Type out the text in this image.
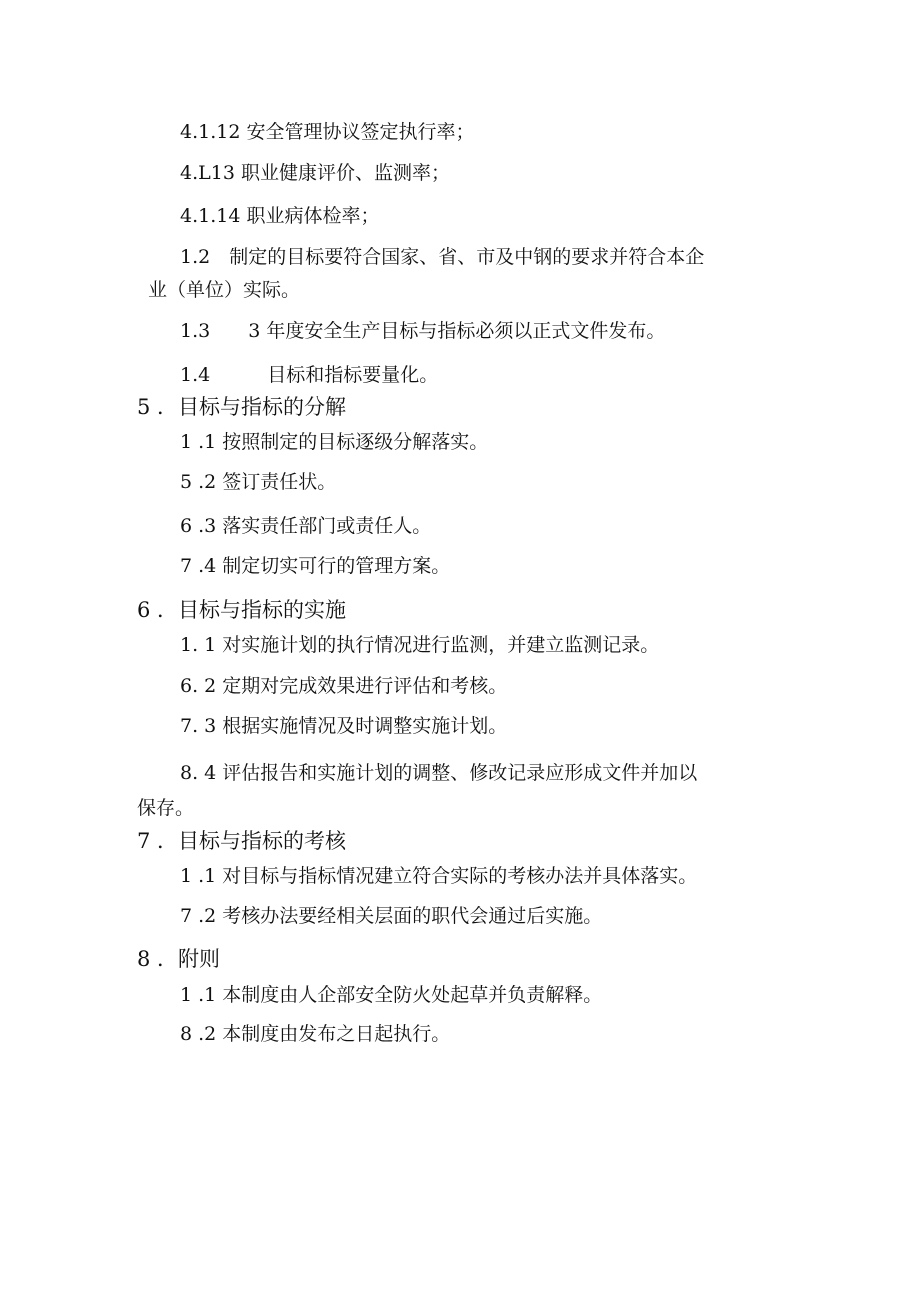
4.1.12 安全管理协议签定执行率；

4.L13 职业健康评价、监测率；

4.1.14 职业病体检率；

1.2　制定的目标要符合国家、省、市及中钢的要求并符合本企

业（单位）实际。

1.3　　3 年度安全生产目标与指标必须以正式文件发布。

1.4　　　目标和指标要量化。

5 ．目标与指标的分解

1 .1 按照制定的目标逐级分解落实。

5 .2 签订责任状。

6 .3 落实责任部门或责任人。

7 .4 制定切实可行的管理方案。

6 ．目标与指标的实施

1. 1 对实施计划的执行情况进行监测，并建立监测记录。

6. 2 定期对完成效果进行评估和考核。

7. 3 根据实施情况及时调整实施计划。

8. 4 评估报告和实施计划的调整、修改记录应形成文件并加以

保存。

7 ．目标与指标的考核

1 .1 对目标与指标情况建立符合实际的考核办法并具体落实。

7 .2 考核办法要经相关层面的职代会通过后实施。

8 ．附则

1 .1 本制度由人企部安全防火处起草并负责解释。

8 .2 本制度由发布之日起执行。
